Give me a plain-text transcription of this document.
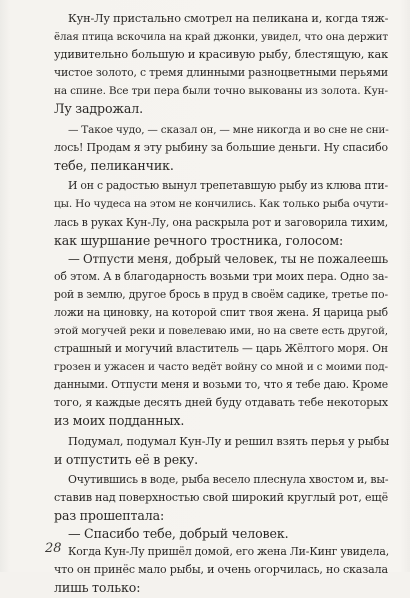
Кун-Лу пристально смотрел на пеликана и, когда тяж-
ёлая птица вскочила на край джонки, увидел, что она держит
удивительно большую и красивую рыбу, блестящую, как
чистое золото, с тремя длинными разноцветными перьями
на спине. Все три пера были точно выкованы из золота. Кун-
Лу задрожал.
— Такое чудо, — сказал он, — мне никогда и во сне не сни-
лось! Продам я эту рыбину за большие деньги. Ну спасибо
тебе, пеликанчик.
И он с радостью вынул трепетавшую рыбу из клюва пти-
цы. Но чудеса на этом не кончились. Как только рыба очути-
лась в руках Кун-Лу, она раскрыла рот и заговорила тихим,
как шуршание речного тростника, голосом:
— Отпусти меня, добрый человек, ты не пожалеешь
об этом. А в благодарность возьми три моих пера. Одно за-
рой в землю, другое брось в пруд в своём садике, третье по-
ложи на циновку, на которой спит твоя жена. Я царица рыб
этой могучей реки и повелеваю ими, но на свете есть другой,
страшный и могучий властитель — царь Жёлтого моря. Он
грозен и ужасен и часто ведёт войну со мной и с моими под-
данными. Отпусти меня и возьми то, что я тебе даю. Кроме
того, я каждые десять дней буду отдавать тебе некоторых
из моих подданных.
Подумал, подумал Кун-Лу и решил взять перья у рыбы
и отпустить её в реку.
Очутившись в воде, рыба весело плеснула хвостом и, вы-
ставив над поверхностью свой широкий круглый рот, ещё
раз прошептала:
— Спасибо тебе, добрый человек.
Когда Кун-Лу пришёл домой, его жена Ли-Кинг увидела,
что он принёс мало рыбы, и очень огорчилась, но сказала
лишь только:
28
